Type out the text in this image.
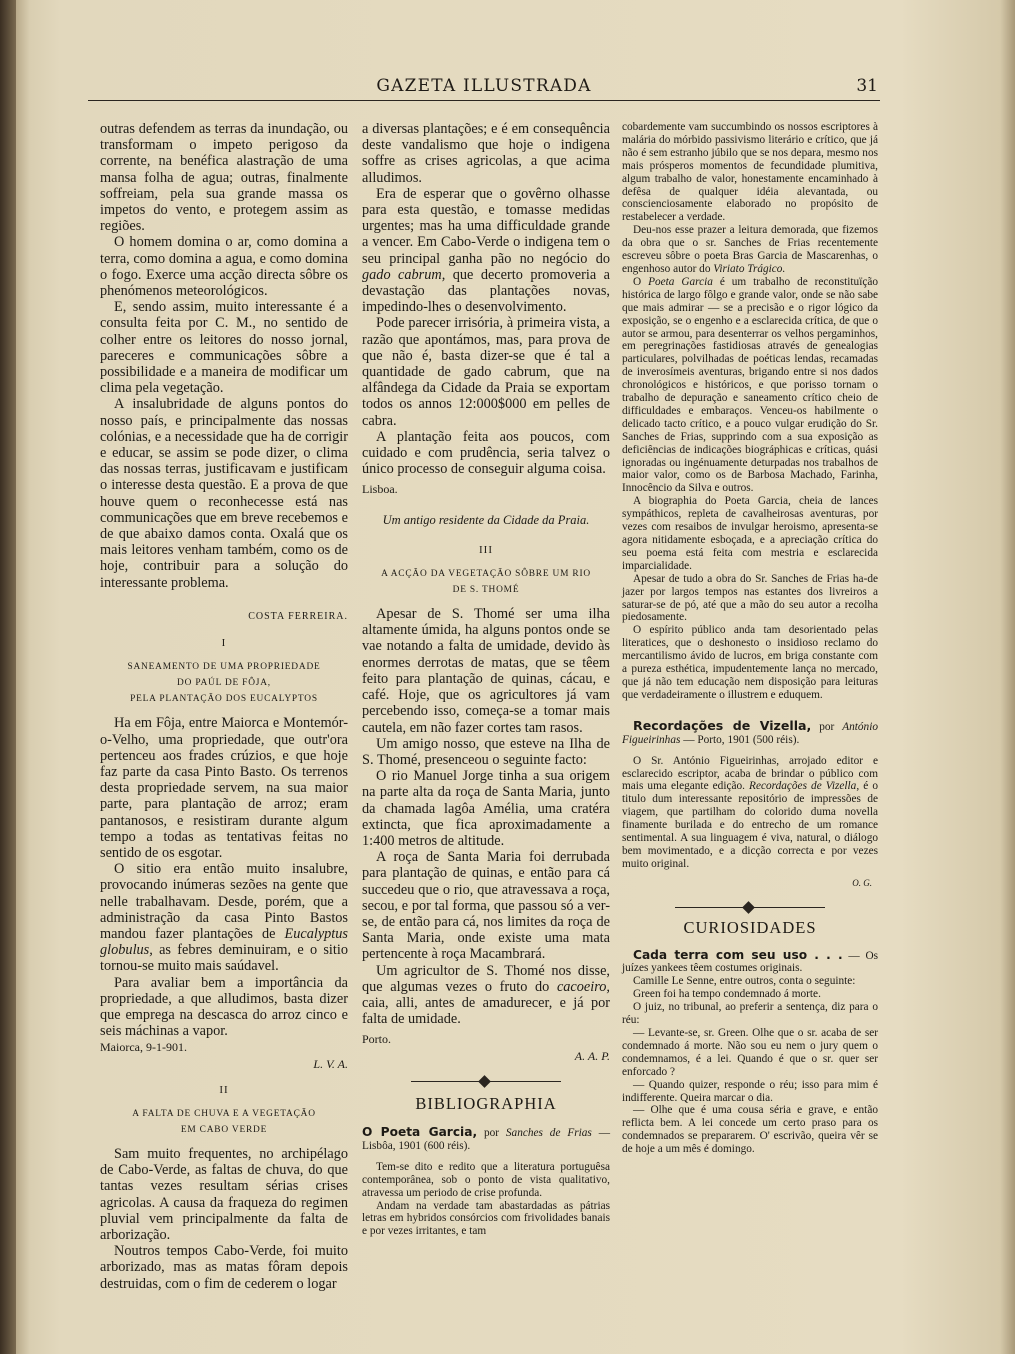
GAZETA ILLUSTRADA	31

outras defendem as terras da inundação, ou transformam o impeto perigoso da corrente, na benéfica alastração de uma mansa folha de agua; outras, finalmente soffreiam, pela sua grande massa os impetos do vento, e protegem assim as regiões.

O homem domina o ar, como domina a terra, como domina a agua, e como domina o fogo. Exerce uma acção directa sôbre os phenómenos meteorológicos.

E, sendo assim, muito interessante é a consulta feita por C. M., no sentido de colher entre os leitores do nosso jornal, pareceres e communicações sôbre a possibilidade e a maneira de modificar um clima pela vegetação.

A insalubridade de alguns pontos do nosso país, e principalmente das nossas colónias, e a necessidade que ha de corrigir e educar, se assim se pode dizer, o clima das nossas terras, justificavam e justificam o interesse desta questão. E a prova de que houve quem o reconhecesse está nas communicações que em breve recebemos e de que abaixo damos conta. Oxalá que os mais leitores venham também, como os de hoje, contribuir para a solução do interessante problema.

COSTA FERREIRA.

I
SANEAMENTO DE UMA PROPRIEDADE
DO PAÚL DE FÔJA,
PELA PLANTAÇÃO DOS EUCALYPTOS

Ha em Fôja, entre Maiorca e Montemór-o-Velho, uma propriedade, que outr'ora pertenceu aos frades crúzios, e que hoje faz parte da casa Pinto Basto. Os terrenos desta propriedade servem, na sua maior parte, para plantação de arroz; eram pantanosos, e resistiram durante algum tempo a todas as tentativas feitas no sentido de os esgotar.

O sitio era então muito insalubre, provocando inúmeras sezões na gente que nelle trabalhavam. Desde, porém, que a administração da casa Pinto Bastos mandou fazer plantações de Eucalyptus globulus, as febres deminuiram, e o sitio tornou-se muito mais saúdavel.

Para avaliar bem a importância da propriedade, a que alludimos, basta dizer que emprega na descasca do arroz cinco e seis máchinas a vapor.

Maiorca, 9-1-901.

L. V. A.

II
A FALTA DE CHUVA E A VEGETAÇÃO
EM CABO VERDE

Sam muito frequentes, no archipélago de Cabo-Verde, as faltas de chuva, do que tantas vezes resultam sérias crises agricolas. A causa da fraqueza do regimen pluvial vem principalmente da falta de arborização.

Noutros tempos Cabo-Verde, foi muito arborizado, mas as matas fôram depois destruidas, com o fim de cederem o logar

a diversas plantações; e é em consequência deste vandalismo que hoje o indigena soffre as crises agricolas, a que acima alludimos.

Era de esperar que o govêrno olhasse para esta questão, e tomasse medidas urgentes; mas ha uma difficuldade grande a vencer. Em Cabo-Verde o indigena tem o seu principal ganha pão no negócio do gado cabrum, que decerto promoveria a devastação das plantações novas, impedindo-lhes o desenvolvimento.

Pode parecer irrisória, à primeira vista, a razão que apontámos, mas, para prova de que não é, basta dizer-se que é tal a quantidade de gado cabrum, que na alfândega da Cidade da Praia se exportam todos os annos 12:000$000 em pelles de cabra.

A plantação feita aos poucos, com cuidado e com prudência, seria talvez o único processo de conseguir alguma coisa.

Lisboa.

Um antigo residente da Cidade da Praia.
III
A ACÇÃO DA VEGETAÇÃO SÔBRE UM RIO
DE S. THOMÉ

Apesar de S. Thomé ser uma ilha altamente úmida, ha alguns pontos onde se vae notando a falta de umidade, devido às enormes derrotas de matas, que se têem feito para plantação de quinas, cácau, e café. Hoje, que os agricultores já vam percebendo isso, começa-se a tomar mais cautela, em não fazer cortes tam rasos.

Um amigo nosso, que esteve na Ilha de S. Thomé, presenceou o seguinte facto:

O rio Manuel Jorge tinha a sua origem na parte alta da roça de Santa Maria, junto da chamada lagôa Amélia, uma cratéra extincta, que fica aproximadamente a 1:400 metros de altitude.

A roça de Santa Maria foi derrubada para plantação de quinas, e então para cá succedeu que o rio, que atravessava a roça, secou, e por tal forma, que passou só a ver-se, de então para cá, nos limites da roça de Santa Maria, onde existe uma mata pertencente à roça Macambrará.

Um agricultor de S. Thomé nos disse, que algumas vezes o fruto do cacoeiro, caia, alli, antes de amadurecer, e já por falta de umidade.

Porto.

A. A. P.

BIBLIOGRAPHIA

O Poeta Garcia, por Sanches de Frias — Lisbôa, 1901 (600 réis).

Tem-se dito e redito que a literatura portuguêsa contemporânea, sob o ponto de vista qualitativo, atravessa um periodo de crise profunda.

Andam na verdade tam abastardadas as pátrias letras em hybridos consórcios com frivolidades banais e por vezes irritantes, e tam

cobardemente vam succumbindo os nossos escriptores à malária do mórbido passivismo literário e crítico, que já não é sem estranho júbilo que se nos depara, mesmo nos mais prósperos momentos de fecundidade plumitiva, algum trabalho de valor, honestamente encaminhado à defêsa de qualquer idéia alevantada, ou conscienciosamente elaborado no propósito de restabelecer a verdade.

Deu-nos esse prazer a leitura demorada, que fizemos da obra que o sr. Sanches de Frias recentemente escreveu sôbre o poeta Bras Garcia de Mascarenhas, o engenhoso autor do Viriato Trágico.

O Poeta Garcia é um trabalho de reconstituïção histórica de largo fôlgo e grande valor, onde se não sabe que mais admirar — se a precisão e o rigor lógico da exposição, se o engenho e a esclarecida crítica, de que o autor se armou, para desenterrar os velhos pergaminhos, em peregrinações fastidiosas através de genealogias particulares, polvilhadas de poéticas lendas, recamadas de inverosímeis aventuras, brigando entre si nos dados chronológicos e históricos, e que porisso tornam o trabalho de depuração e saneamento crítico cheio de difficuldades e embaraços. Venceu-os habilmente o delicado tacto crítico, e a pouco vulgar erudição do Sr. Sanches de Frias, supprindo com a sua exposição as deficiências de indicações biográphicas e críticas, quási ignoradas ou ingénuamente deturpadas nos trabalhos de maior valor, como os de Barbosa Machado, Farinha, Innocêncio da Silva e outros.

A biographia do Poeta Garcia, cheia de lances sympáthicos, repleta de cavalheirosas aventuras, por vezes com resaibos de invulgar heroismo, apresenta-se agora nitidamente esboçada, e a apreciação crítica do seu poema está feita com mestria e esclarecida imparcialidade.

Apesar de tudo a obra do Sr. Sanches de Frias ha-de jazer por largos tempos nas estantes dos livreiros a saturar-se de pó, até que a mão do seu autor a recolha piedosamente.

O espírito público anda tam desorientado pelas literatices, que o deshonesto o insidioso reclamo do mercantilismo ávido de lucros, em briga constante com a pureza esthética, impudentemente lança no mercado, que já não tem educação nem disposição para leituras que verdadeiramente o illustrem e eduquem.

Recordações de Vizella, por António Figueirinhas — Porto, 1901 (500 réis).

O Sr. António Figueirinhas, arrojado editor e esclarecido escriptor, acaba de brindar o público com mais uma elegante edição. Recordações de Vizella, é o titulo dum interessante repositório de impressões de viagem, que partilham do colorido duma novella finamente burilada e do entrecho de um romance sentimental. A sua linguagem é viva, natural, o diálogo bem movimentado, e a dicção correcta e por vezes muito original.

O. G.

CURIOSIDADES

Cada terra com seu uso . . . — Os juízes yankees têem costumes originais.

Camille Le Senne, entre outros, conta o seguinte:

Green foi ha tempo condemnado á morte.

O juiz, no tribunal, ao preferir a sentença, diz para o réu:

— Levante-se, sr. Green. Olhe que o sr. acaba de ser condemnado á morte. Não sou eu nem o jury quem o condemnamos, é a lei. Quando é que o sr. quer ser enforcado ?

— Quando quizer, responde o réu; isso para mim é indifferente. Queira marcar o dia.

— Olhe que é uma cousa séria e grave, e então reflicta bem. A lei concede um certo praso para os condemnados se prepararem. O' escrivão, queira vêr se de hoje a um mês é domingo.
